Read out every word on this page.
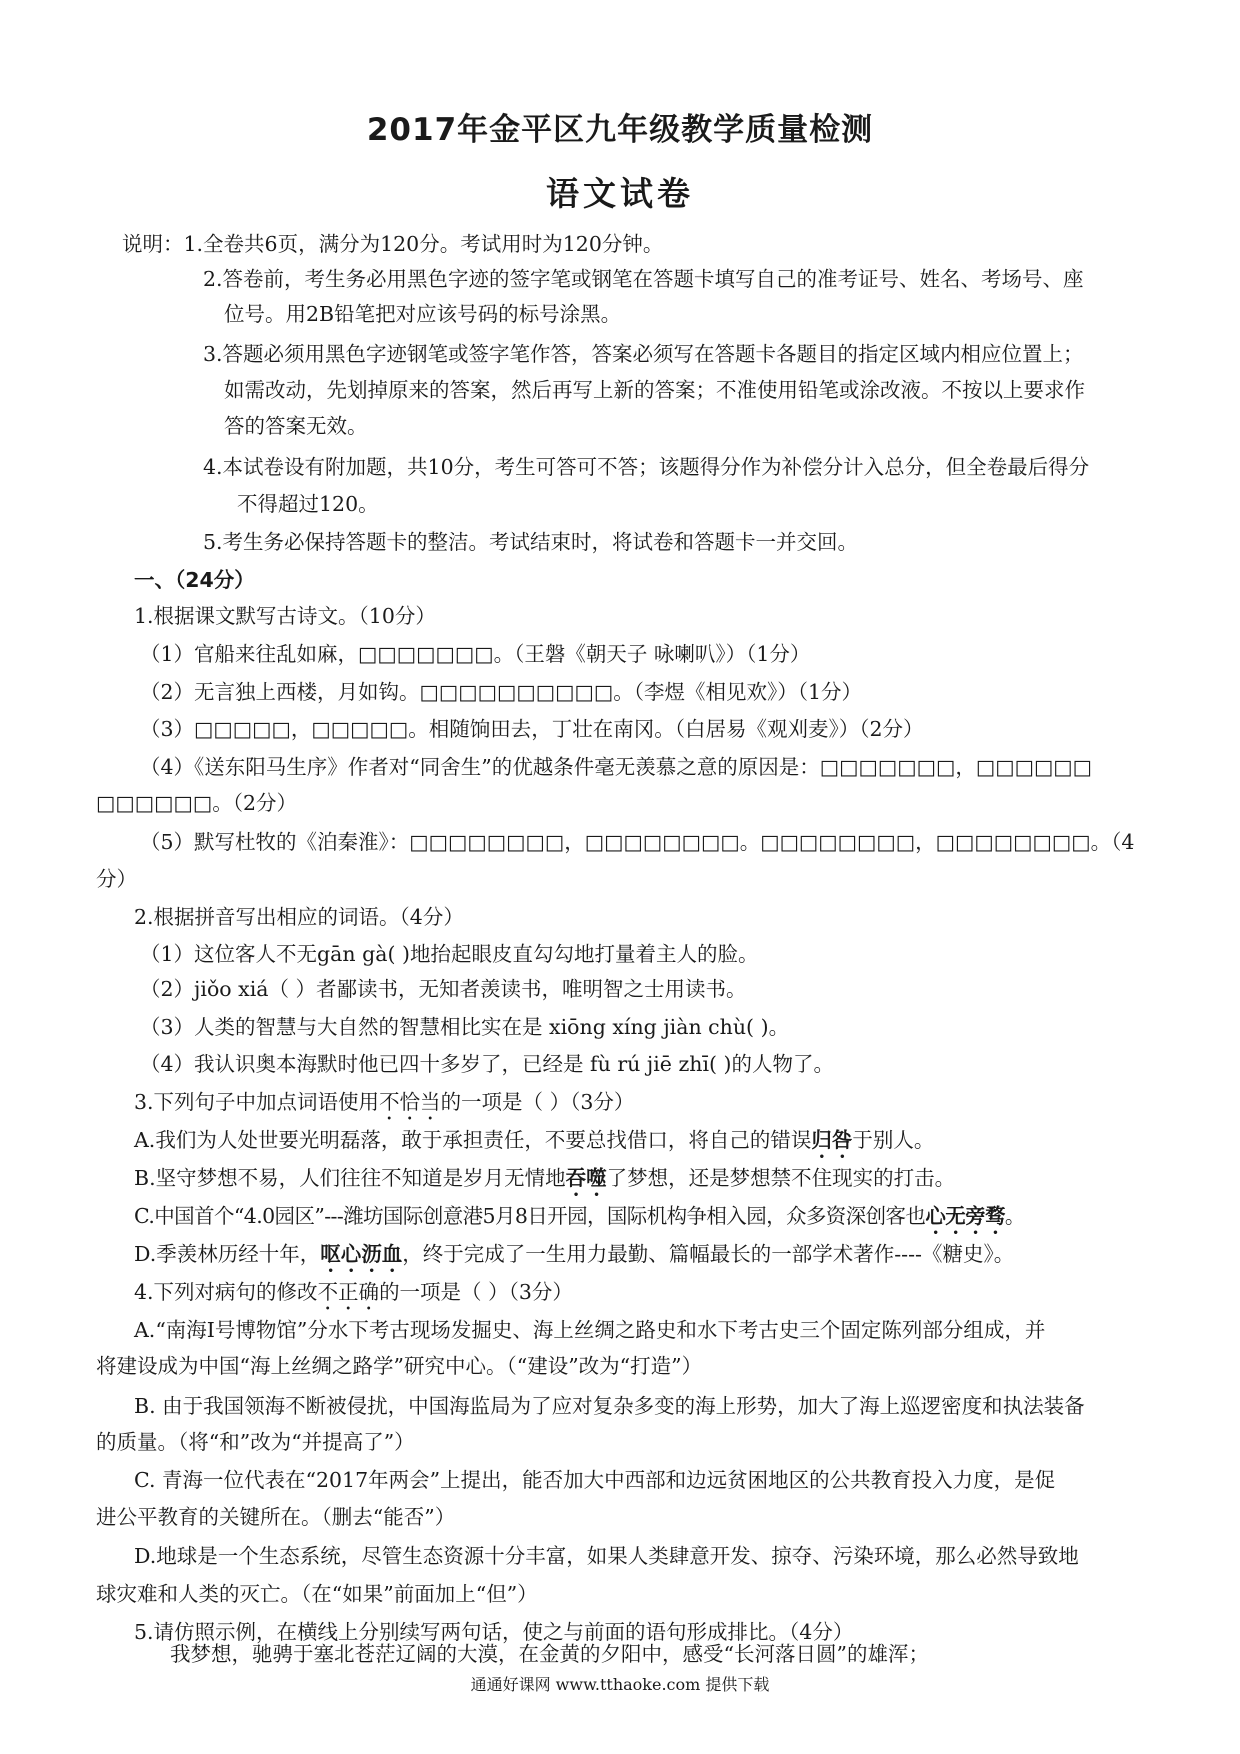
2017年金平区九年级教学质量检测
语文试卷
说明：1.全卷共6页，满分为120分。考试用时为120分钟。
2.答卷前，考生务必用黑色字迹的签字笔或钢笔在答题卡填写自己的准考证号、姓名、考场号、座
位号。用2B铅笔把对应该号码的标号涂黑。
3.答题必须用黑色字迹钢笔或签字笔作答，答案必须写在答题卡各题目的指定区域内相应位置上；
如需改动，先划掉原来的答案，然后再写上新的答案；不准使用铅笔或涂改液。不按以上要求作
答的答案无效。
4.本试卷设有附加题，共10分，考生可答可不答；该题得分作为补偿分计入总分，但全卷最后得分
不得超过120。
5.考生务必保持答题卡的整洁。考试结束时，将试卷和答题卡一并交回。
一、（24分）
1.根据课文默写古诗文。（10分）
（1）官船来往乱如麻，□□□□□□□。（王磐《朝天子 咏喇叭》）（1分）
（2）无言独上西楼，月如钩。□□□□□□□□□□。（李煜《相见欢》）（1分）
（3）□□□□□，□□□□□。相随饷田去，丁壮在南冈。（白居易《观刈麦》）（2分）
（4）《送东阳马生序》作者对“同舍生”的优越条件毫无羡慕之意的原因是：□□□□□□□，□□□□□□
□□□□□□。（2分）
（5）默写杜牧的《泊秦淮》：□□□□□□□□，□□□□□□□□。□□□□□□□□，□□□□□□□□。（4
分）
2.根据拼音写出相应的词语。（4分）
（1）这位客人不无gān gà( )地抬起眼皮直勾勾地打量着主人的脸。
（2）jiǒo xiá（ ）者鄙读书，无知者羡读书，唯明智之士用读书。
（3）人类的智慧与大自然的智慧相比实在是 xiōng xíng jiàn chù( )。
（4）我认识奥本海默时他已四十多岁了，已经是 fù rú jiē zhī( )的人物了。
3.下列句子中加点词语使用不恰当的一项是（ ）（3分）
A.我们为人处世要光明磊落，敢于承担责任，不要总找借口，将自己的错误归咎于别人。
B.坚守梦想不易，人们往往不知道是岁月无情地吞噬了梦想，还是梦想禁不住现实的打击。
C.中国首个“4.0园区”---潍坊国际创意港5月8日开园，国际机构争相入园，众多资深创客也心无旁骛。
D.季羡林历经十年，呕心沥血，终于完成了一生用力最勤、篇幅最长的一部学术著作----《糖史》。
4.下列对病句的修改不正确的一项是（ ）（3分）
A.“南海Ⅰ号博物馆”分水下考古现场发掘史、海上丝绸之路史和水下考古史三个固定陈列部分组成，并
将建设成为中国“海上丝绸之路学”研究中心。（“建设”改为“打造”）
B. 由于我国领海不断被侵扰，中国海监局为了应对复杂多变的海上形势，加大了海上巡逻密度和执法装备
的质量。（将“和”改为“并提高了”）
C. 青海一位代表在“2017年两会”上提出，能否加大中西部和边远贫困地区的公共教育投入力度，是促
进公平教育的关键所在。（删去“能否”）
D.地球是一个生态系统，尽管生态资源十分丰富，如果人类肆意开发、掠夺、污染环境，那么必然导致地
球灾难和人类的灭亡。（在“如果”前面加上“但”）
5.请仿照示例，在横线上分别续写两句话，使之与前面的语句形成排比。（4分）
我梦想，驰骋于塞北苍茫辽阔的大漠，在金黄的夕阳中，感受“长河落日圆”的雄浑；
通通好课网 www.tthaoke.com 提供下载
